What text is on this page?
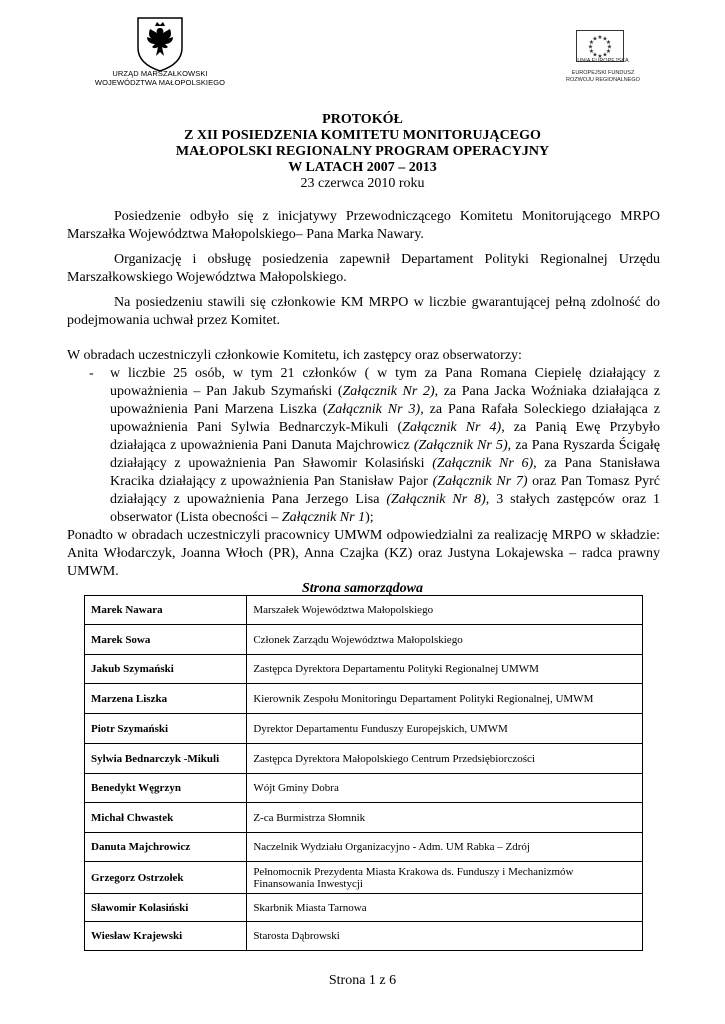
URZĄD MARSZAŁKOWSKI
WOJEWÓDZTWA MAŁOPOLSKIEGO
★ ★
★
★
★
★
★
★
★
★
★
★
UNIA EUROPEJSKA
EUROPEJSKI FUNDUSZ
ROZWOJU REGIONALNEGO
PROTOKÓŁ
Z XII POSIEDZENIA KOMITETU MONITORUJĄCEGO
MAŁOPOLSKI REGIONALNY PROGRAM OPERACYJNY
W LATACH 2007 – 2013
23 czerwca 2010 roku

Posiedzenie odbyło się z inicjatywy Przewodniczącego Komitetu Monitorującego MRPO Marszałka Województwa Małopolskiego– Pana Marka Nawary.

Organizację i obsługę posiedzenia zapewnił Departament Polityki Regionalnej Urzędu Marszałkowskiego Województwa Małopolskiego.

Na posiedzeniu stawili się członkowie KM MRPO w liczbie gwarantującej pełną zdolność do podejmowania uchwał przez Komitet.

W obradach uczestniczyli członkowie Komitetu, ich zastępcy oraz obserwatorzy:

- w liczbie 25 osób, w tym 21 członków ( w tym za Pana Romana Ciepielę działający z upoważnienia – Pan Jakub Szymański (Załącznik Nr 2), za Pana Jacka Woźniaka działająca z upoważnienia Pani Marzena Liszka (Załącznik Nr 3), za Pana Rafała Soleckiego działająca z upoważnienia Pani Sylwia Bednarczyk-Mikuli (Załącznik Nr 4), za Panią Ewę Przybyło działająca z upoważnienia Pani Danuta Majchrowicz (Załącznik Nr 5), za Pana Ryszarda Ścigałę działający z upoważnienia Pan Sławomir Kolasiński (Załącznik Nr 6), za Pana Stanisława Kracika działający z upoważnienia Pan Stanisław Pajor (Załącznik Nr 7) oraz Pan Tomasz Pyrć działający z upoważnienia Pana Jerzego Lisa (Załącznik Nr 8), 3 stałych zastępców oraz 1 obserwator (Lista obecności – Załącznik Nr 1);

Ponadto w obradach uczestniczyli pracownicy UMWM odpowiedzialni za realizację MRPO w składzie: Anita Włodarczyk, Joanna Włoch (PR), Anna Czajka (KZ) oraz Justyna Lokajewska – radca prawny UMWM.

Strona samorządowa
Marek Nawara	Marszałek Województwa Małopolskiego
Marek Sowa	Członek Zarządu Województwa Małopolskiego
Jakub Szymański	Zastępca Dyrektora Departamentu Polityki Regionalnej UMWM
Marzena Liszka	Kierownik Zespołu Monitoringu Departament Polityki Regionalnej, UMWM
Piotr Szymański	Dyrektor Departamentu Funduszy Europejskich, UMWM
Sylwia Bednarczyk -Mikuli	Zastępca Dyrektora Małopolskiego Centrum Przedsiębiorczości
Benedykt Węgrzyn	Wójt Gminy Dobra
Michał Chwastek	Z-ca Burmistrza Słomnik
Danuta Majchrowicz	Naczelnik Wydziału Organizacyjno - Adm. UM Rabka – Zdrój
Grzegorz Ostrzołek	Pełnomocnik Prezydenta Miasta Krakowa ds. Funduszy i Mechanizmów Finansowania Inwestycji
Sławomir Kolasiński	Skarbnik Miasta Tarnowa
Wiesław Krajewski	Starosta Dąbrowski
Strona 1 z 6
